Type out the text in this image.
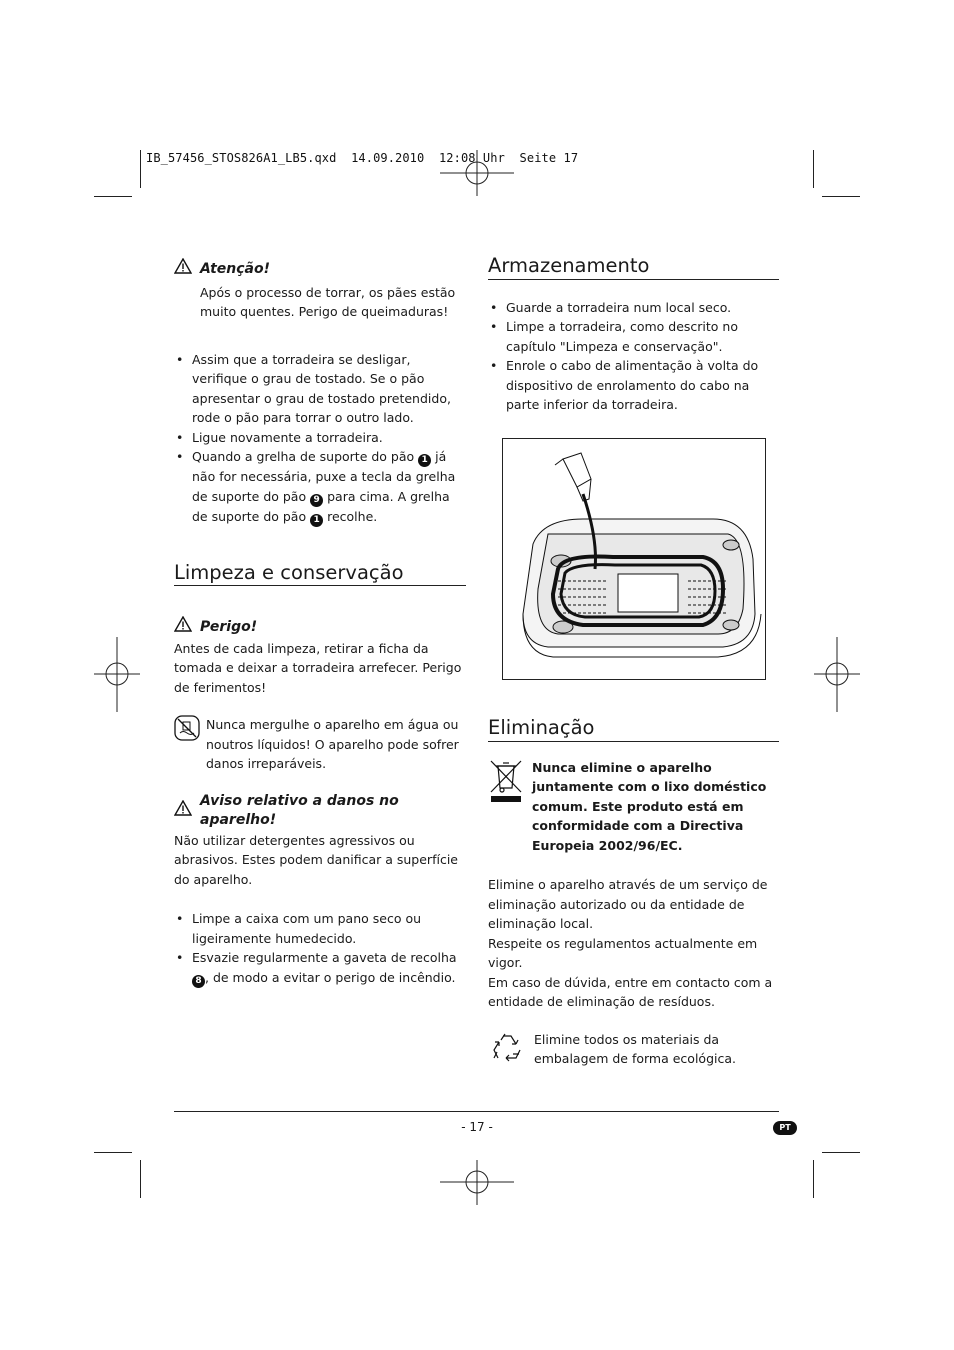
IB_57456_STOS826A1_LB5.qxd  14.09.2010  12:08 Uhr  Seite 17
Atenção!

Após o processo de torrar, os pães estão muito quentes. Perigo de queimaduras!

• Assim que a torradeira se desligar, verifique o grau de tostado. Se o pão apresentar o grau de tostado pretendido, rode o pão para torrar o outro lado.
• Ligue novamente a torradeira.
• Quando a grelha de suporte do pão 1 já não for necessária, puxe a tecla da grelha de suporte do pão 9 para cima. A grelha de suporte do pão 1 recolhe.
Limpeza e conservação
Perigo!

Antes de cada limpeza, retirar a ficha da tomada e deixar a torradeira arrefecer. Perigo de ferimentos!

Nunca mergulhe o aparelho em água ou noutros líquidos! O aparelho pode sofrer danos irreparáveis.

Aviso relativo a danos no aparelho!

Não utilizar detergentes agressivos ou abrasivos. Estes podem danificar a superfície do aparelho.

• Limpe a caixa com um pano seco ou ligeiramente humedecido.
• Esvazie regularmente a gaveta de recolha 8 , de modo a evitar o perigo de incêndio.
Armazenamento
• Guarde a torradeira num local seco.
• Limpe a torradeira, como descrito no capítulo "Limpeza e conservação".
• Enrole o cabo de alimentação à volta do dispositivo de enrolamento do cabo na parte inferior da torradeira.
Eliminação

Nunca elimine o aparelho juntamente com o lixo doméstico comum. Este produto está em conformidade com a Directiva Europeia 2002/96/EC.

Elimine o aparelho através de um serviço de eliminação autorizado ou da entidade de eliminação local.

Respeite os regulamentos actualmente em vigor.

Em caso de dúvida, entre em contacto com a entidade de eliminação de resíduos.

Elimine todos os materiais da embalagem de forma ecológica.

- 17 -	PT
